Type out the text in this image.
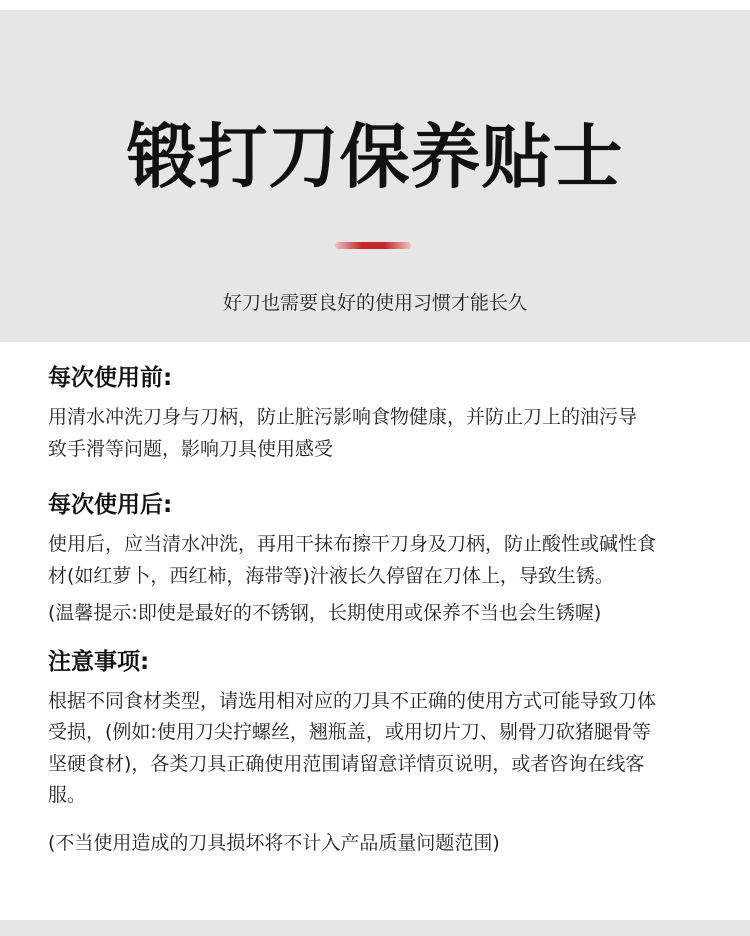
锻打刀保养贴士
好刀也需要良好的使用习惯才能长久
每次使用前:

用清水冲洗刀身与刀柄，防止脏污影响食物健康，并防止刀上的油污导致手滑等问题，影响刀具使用感受

每次使用后:

使用后，应当清水冲洗，再用干抹布擦干刀身及刀柄，防止酸性或碱性食材(如红萝卜，西红柿，海带等)汁液长久停留在刀体上，导致生锈。

(温馨提示:即使是最好的不锈钢，长期使用或保养不当也会生锈喔)

注意事项:

根据不同食材类型，请选用相对应的刀具不正确的使用方式可能导致刀体受损，(例如:使用刀尖拧螺丝，翘瓶盖，或用切片刀、剔骨刀砍猪腿骨等坚硬食材)，各类刀具正确使用范围请留意详情页说明，或者咨询在线客服。

(不当使用造成的刀具损坏将不计入产品质量问题范围)
